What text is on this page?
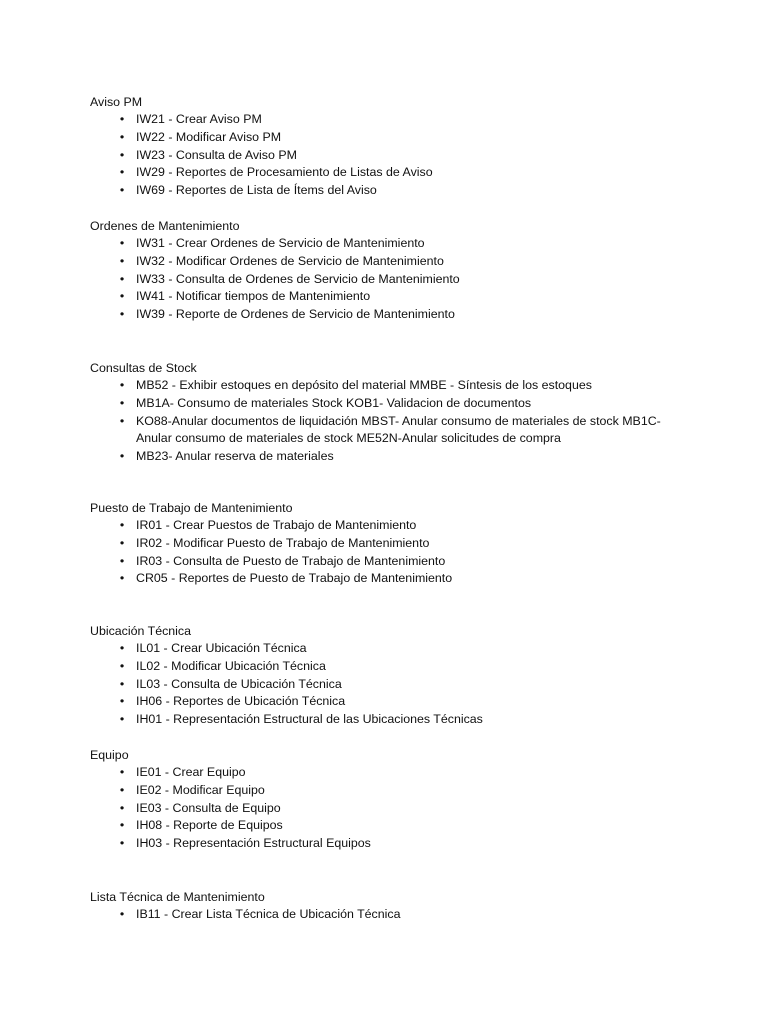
Aviso PM
• IW21 - Crear Aviso PM
• IW22 - Modificar Aviso PM
• IW23 - Consulta de Aviso PM
• IW29 - Reportes de Procesamiento de Listas de Aviso
• IW69 - Reportes de Lista de Ítems del Aviso
Ordenes de Mantenimiento
• IW31 - Crear Ordenes de Servicio de Mantenimiento
• IW32 - Modificar Ordenes de Servicio de Mantenimiento
• IW33 - Consulta de Ordenes de Servicio de Mantenimiento
• IW41 - Notificar tiempos de Mantenimiento
• IW39 - Reporte de Ordenes de Servicio de Mantenimiento
Consultas de Stock
• MB52 - Exhibir estoques en depósito del material MMBE - Síntesis de los estoques
• MB1A- Consumo de materiales Stock KOB1- Validacion de documentos
• KO88-Anular documentos de liquidación MBST- Anular consumo de materiales de stock MB1C- Anular consumo de materiales de stock ME52N-Anular solicitudes de compra
• MB23- Anular reserva de materiales
Puesto de Trabajo de Mantenimiento
• IR01 - Crear Puestos de Trabajo de Mantenimiento
• IR02 - Modificar Puesto de Trabajo de Mantenimiento
• IR03 - Consulta de Puesto de Trabajo de Mantenimiento
• CR05 - Reportes de Puesto de Trabajo de Mantenimiento
Ubicación Técnica
• IL01 - Crear Ubicación Técnica
• IL02 - Modificar Ubicación Técnica
• IL03 - Consulta de Ubicación Técnica
• IH06 - Reportes de Ubicación Técnica
• IH01 - Representación Estructural de las Ubicaciones Técnicas
Equipo
• IE01 - Crear Equipo
• IE02 - Modificar Equipo
• IE03 - Consulta de Equipo
• IH08 - Reporte de Equipos
• IH03 - Representación Estructural Equipos
Lista Técnica de Mantenimiento
• IB11 - Crear Lista Técnica de Ubicación Técnica
